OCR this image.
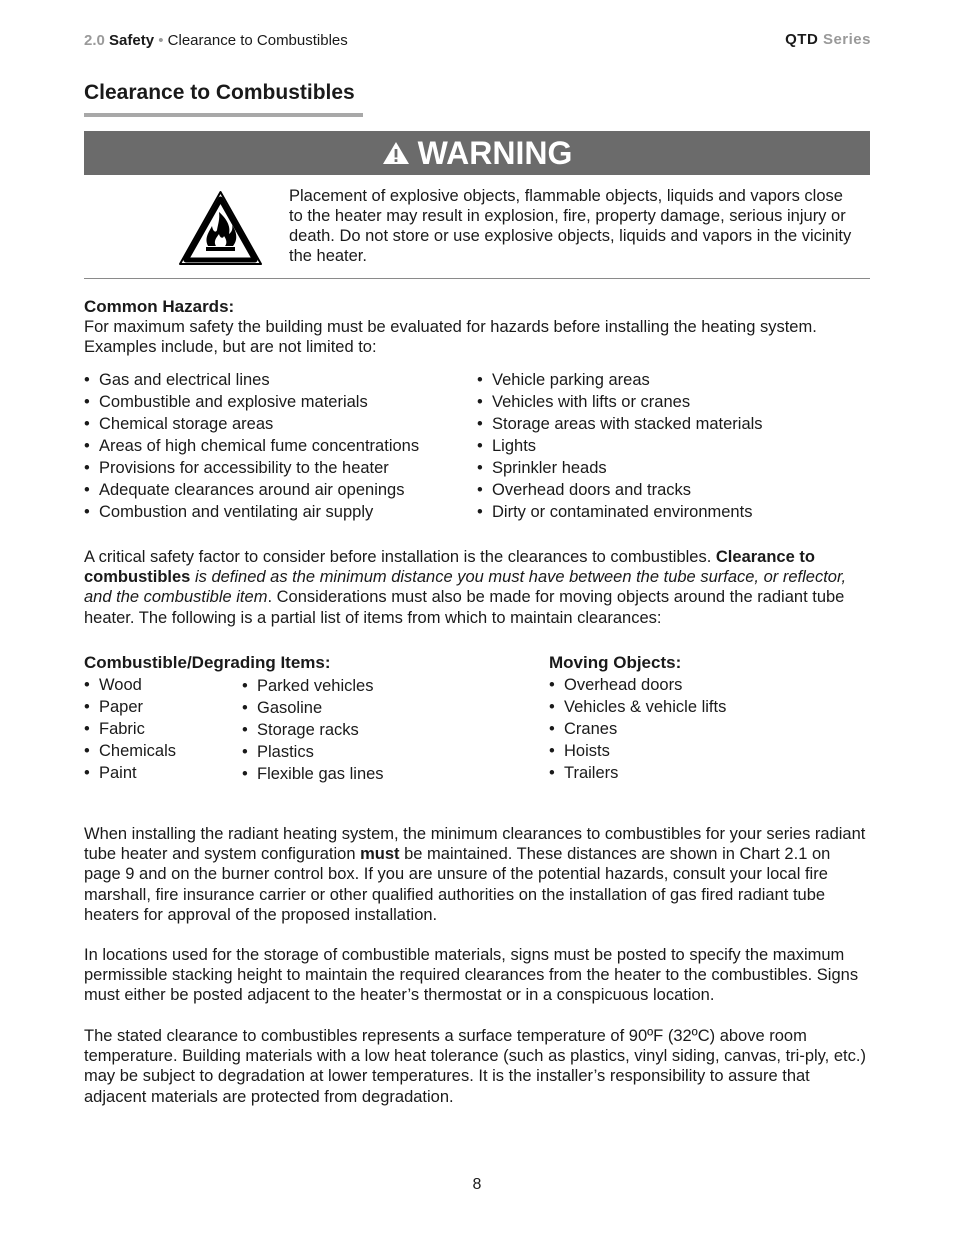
2.0 Safety • Clearance to Combustibles	QTD Series
Clearance to Combustibles
WARNING

Placement of explosive objects, flammable objects, liquids and vapors close to the heater may result in explosion, fire, property damage, serious injury or death. Do not store or use explosive objects, liquids and vapors in the vicinity the heater.

Common Hazards:

For maximum safety the building must be evaluated for hazards before installing the heating system. Examples include, but are not limited to:

• Gas and electrical lines
• Combustible and explosive materials
• Chemical storage areas
• Areas of high chemical fume concentrations
• Provisions for accessibility to the heater
• Adequate clearances around air openings
• Combustion and ventilating air supply
• Vehicle parking areas
• Vehicles with lifts or cranes
• Storage areas with stacked materials
• Lights
• Sprinkler heads
• Overhead doors and tracks
• Dirty or contaminated environments

A critical safety factor to consider before installation is the clearances to combustibles. Clearance to combustibles is defined as the minimum distance you must have between the tube surface, or reflector, and the combustible item. Considerations must also be made for moving objects around the radiant tube heater. The following is a partial list of items from which to maintain clearances:

Combustible/Degrading Items:
• Wood
• Paper
• Fabric
• Chemicals
• Paint
• Parked vehicles
• Gasoline
• Storage racks
• Plastics
• Flexible gas lines
Moving Objects:
• Overhead doors
• Vehicles & vehicle lifts
• Cranes
• Hoists
• Trailers

When installing the radiant heating system, the minimum clearances to combustibles for your series radiant tube heater and system configuration must be maintained. These distances are shown in Chart 2.1 on page 9 and on the burner control box. If you are unsure of the potential hazards, consult your local fire marshall, fire insurance carrier or other qualified authorities on the installation of gas fired radiant tube heaters for approval of the proposed installation.

In locations used for the storage of combustible materials, signs must be posted to specify the maximum permissible stacking height to maintain the required clearances from the heater to the combustibles. Signs must either be posted adjacent to the heater’s thermostat or in a conspicuous location.

The stated clearance to combustibles represents a surface temperature of 90ºF (32ºC) above room temperature. Building materials with a low heat tolerance (such as plastics, vinyl siding, canvas, tri-ply, etc.) may be subject to degradation at lower temperatures. It is the installer’s responsibility to assure that adjacent materials are protected from degradation.

8
